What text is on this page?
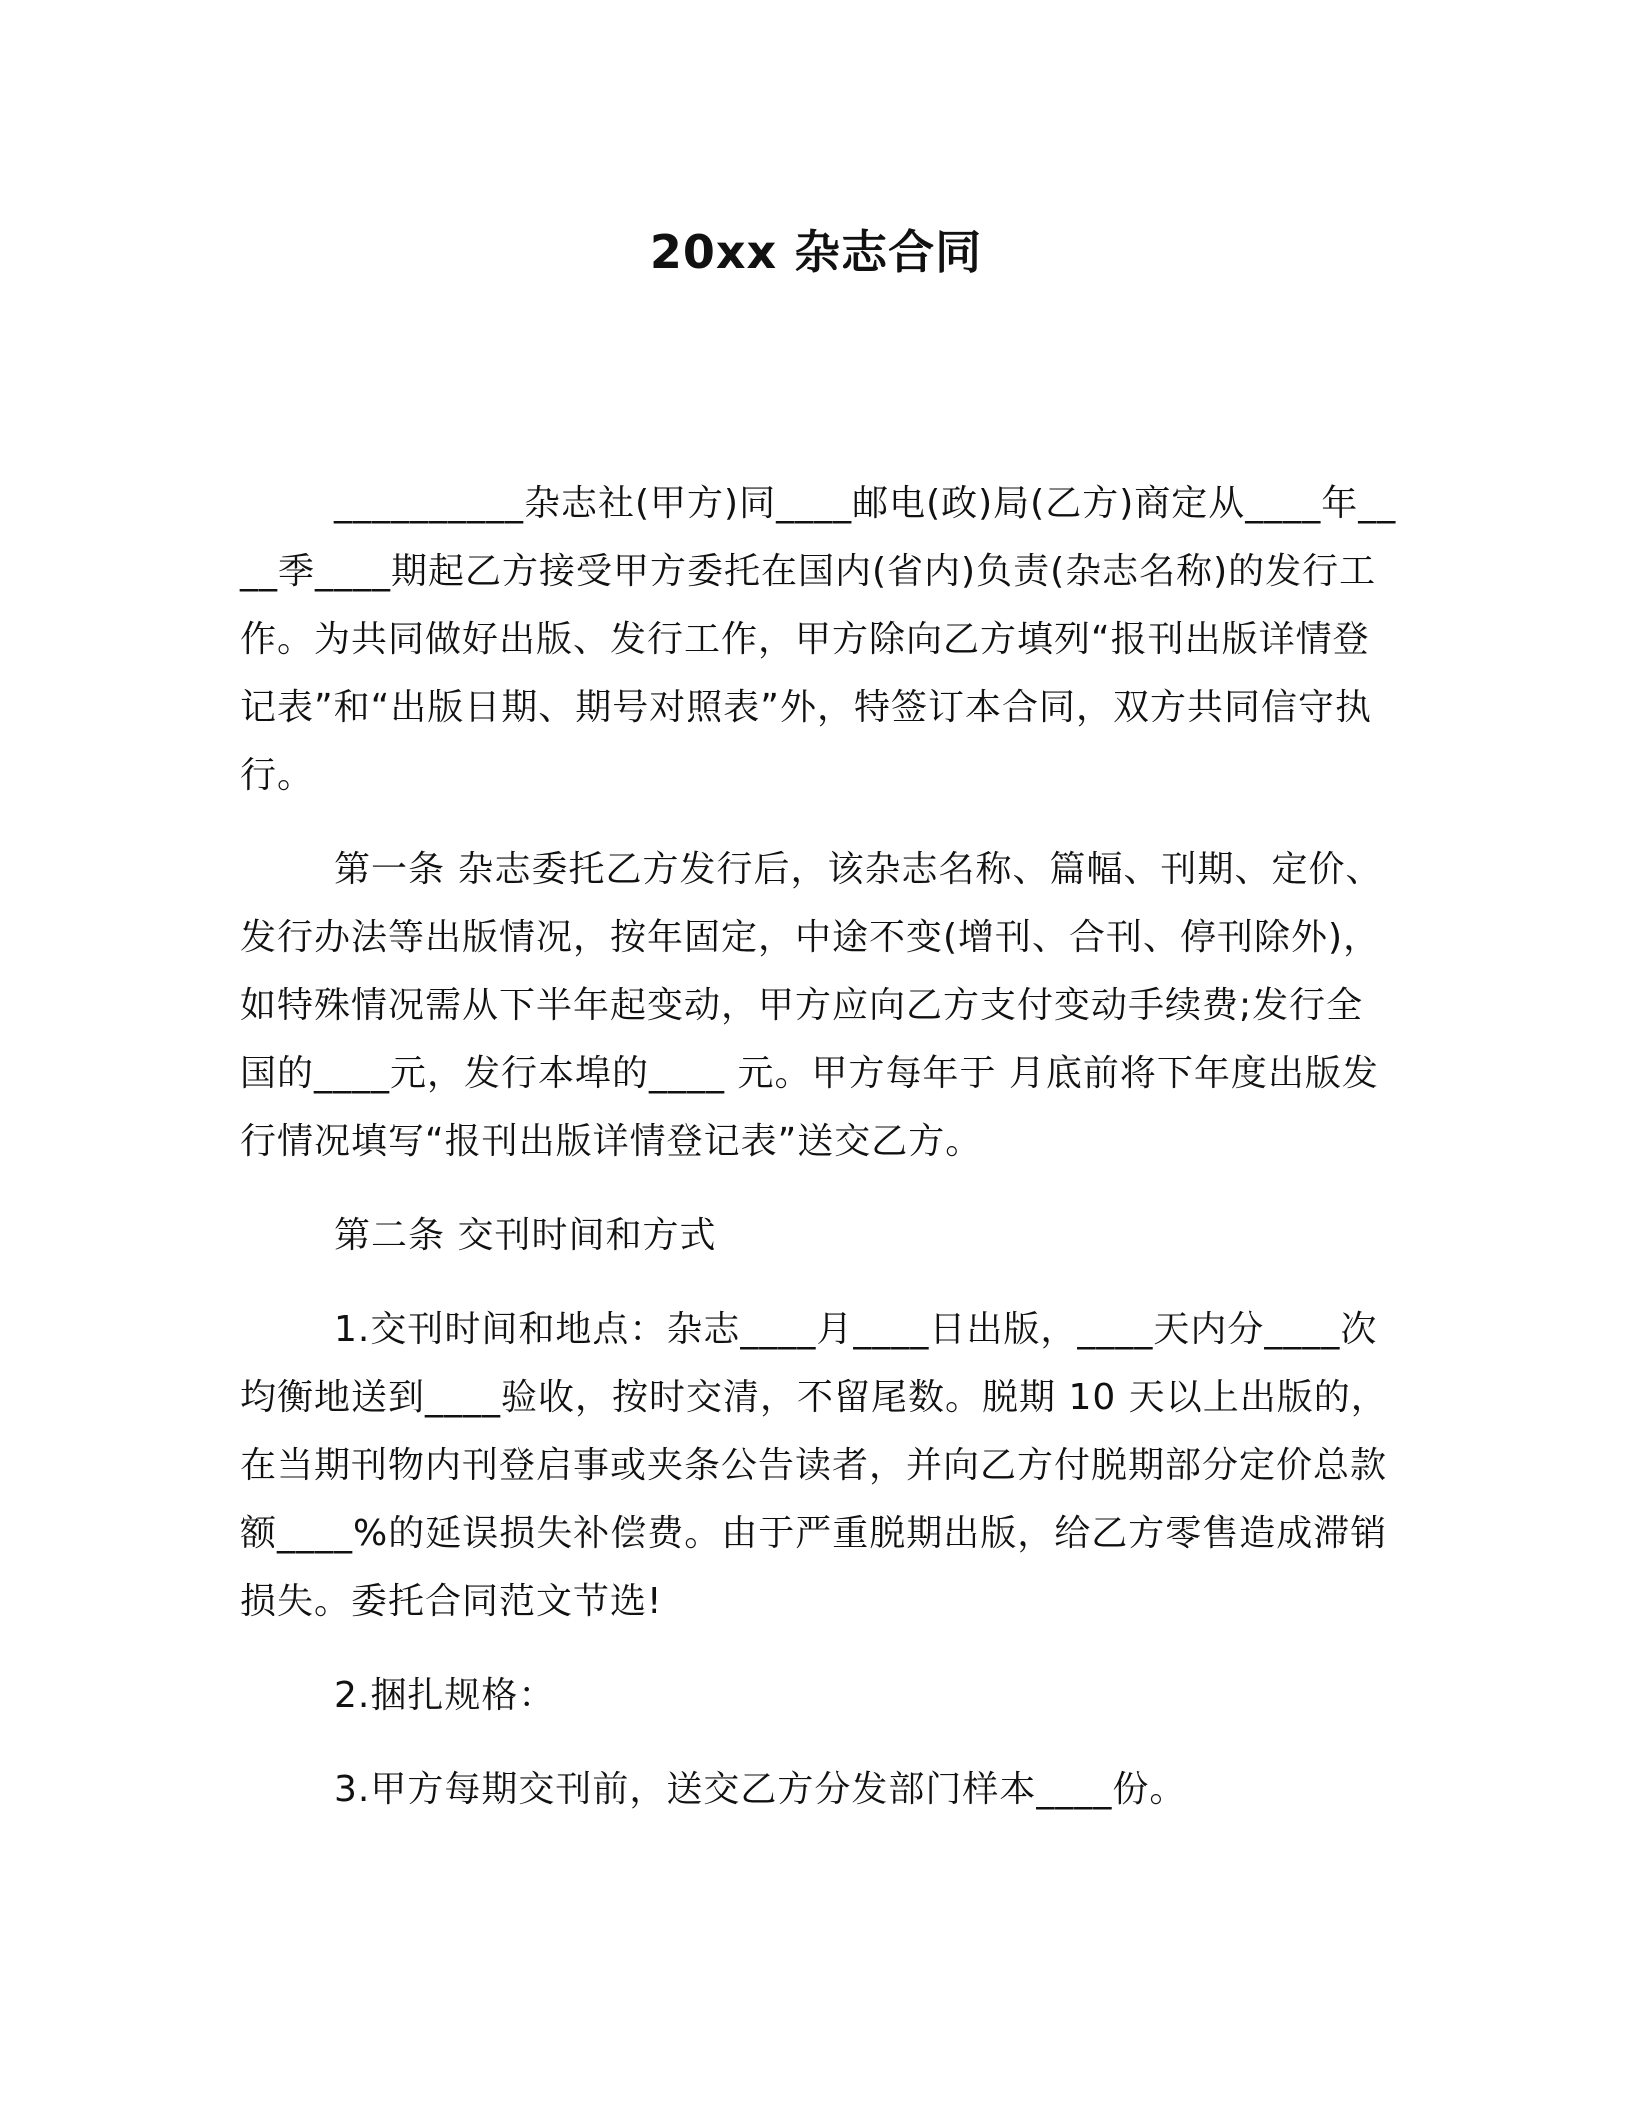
20xx 杂志合同

__________杂志社(甲方)同____邮电(政)局(乙方)商定从____年____季____期起乙方接受甲方委托在国内(省内)负责(杂志名称)的发行工作。为共同做好出版、发行工作，甲方除向乙方填列“报刊出版详情登记表”和“出版日期、期号对照表”外，特签订本合同，双方共同信守执行。

第一条 杂志委托乙方发行后，该杂志名称、篇幅、刊期、定价、发行办法等出版情况，按年固定，中途不变(增刊、合刊、停刊除外)，如特殊情况需从下半年起变动，甲方应向乙方支付变动手续费;发行全国的____元，发行本埠的____ 元。甲方每年于 月底前将下年度出版发行情况填写“报刊出版详情登记表”送交乙方。

第二条 交刊时间和方式

1.交刊时间和地点：杂志____月____日出版，____天内分____次均衡地送到____验收，按时交清，不留尾数。脱期 10 天以上出版的，在当期刊物内刊登启事或夹条公告读者，并向乙方付脱期部分定价总款额____%的延误损失补偿费。由于严重脱期出版，给乙方零售造成滞销损失。委托合同范文节选!

2.捆扎规格：

3.甲方每期交刊前，送交乙方分发部门样本____份。
